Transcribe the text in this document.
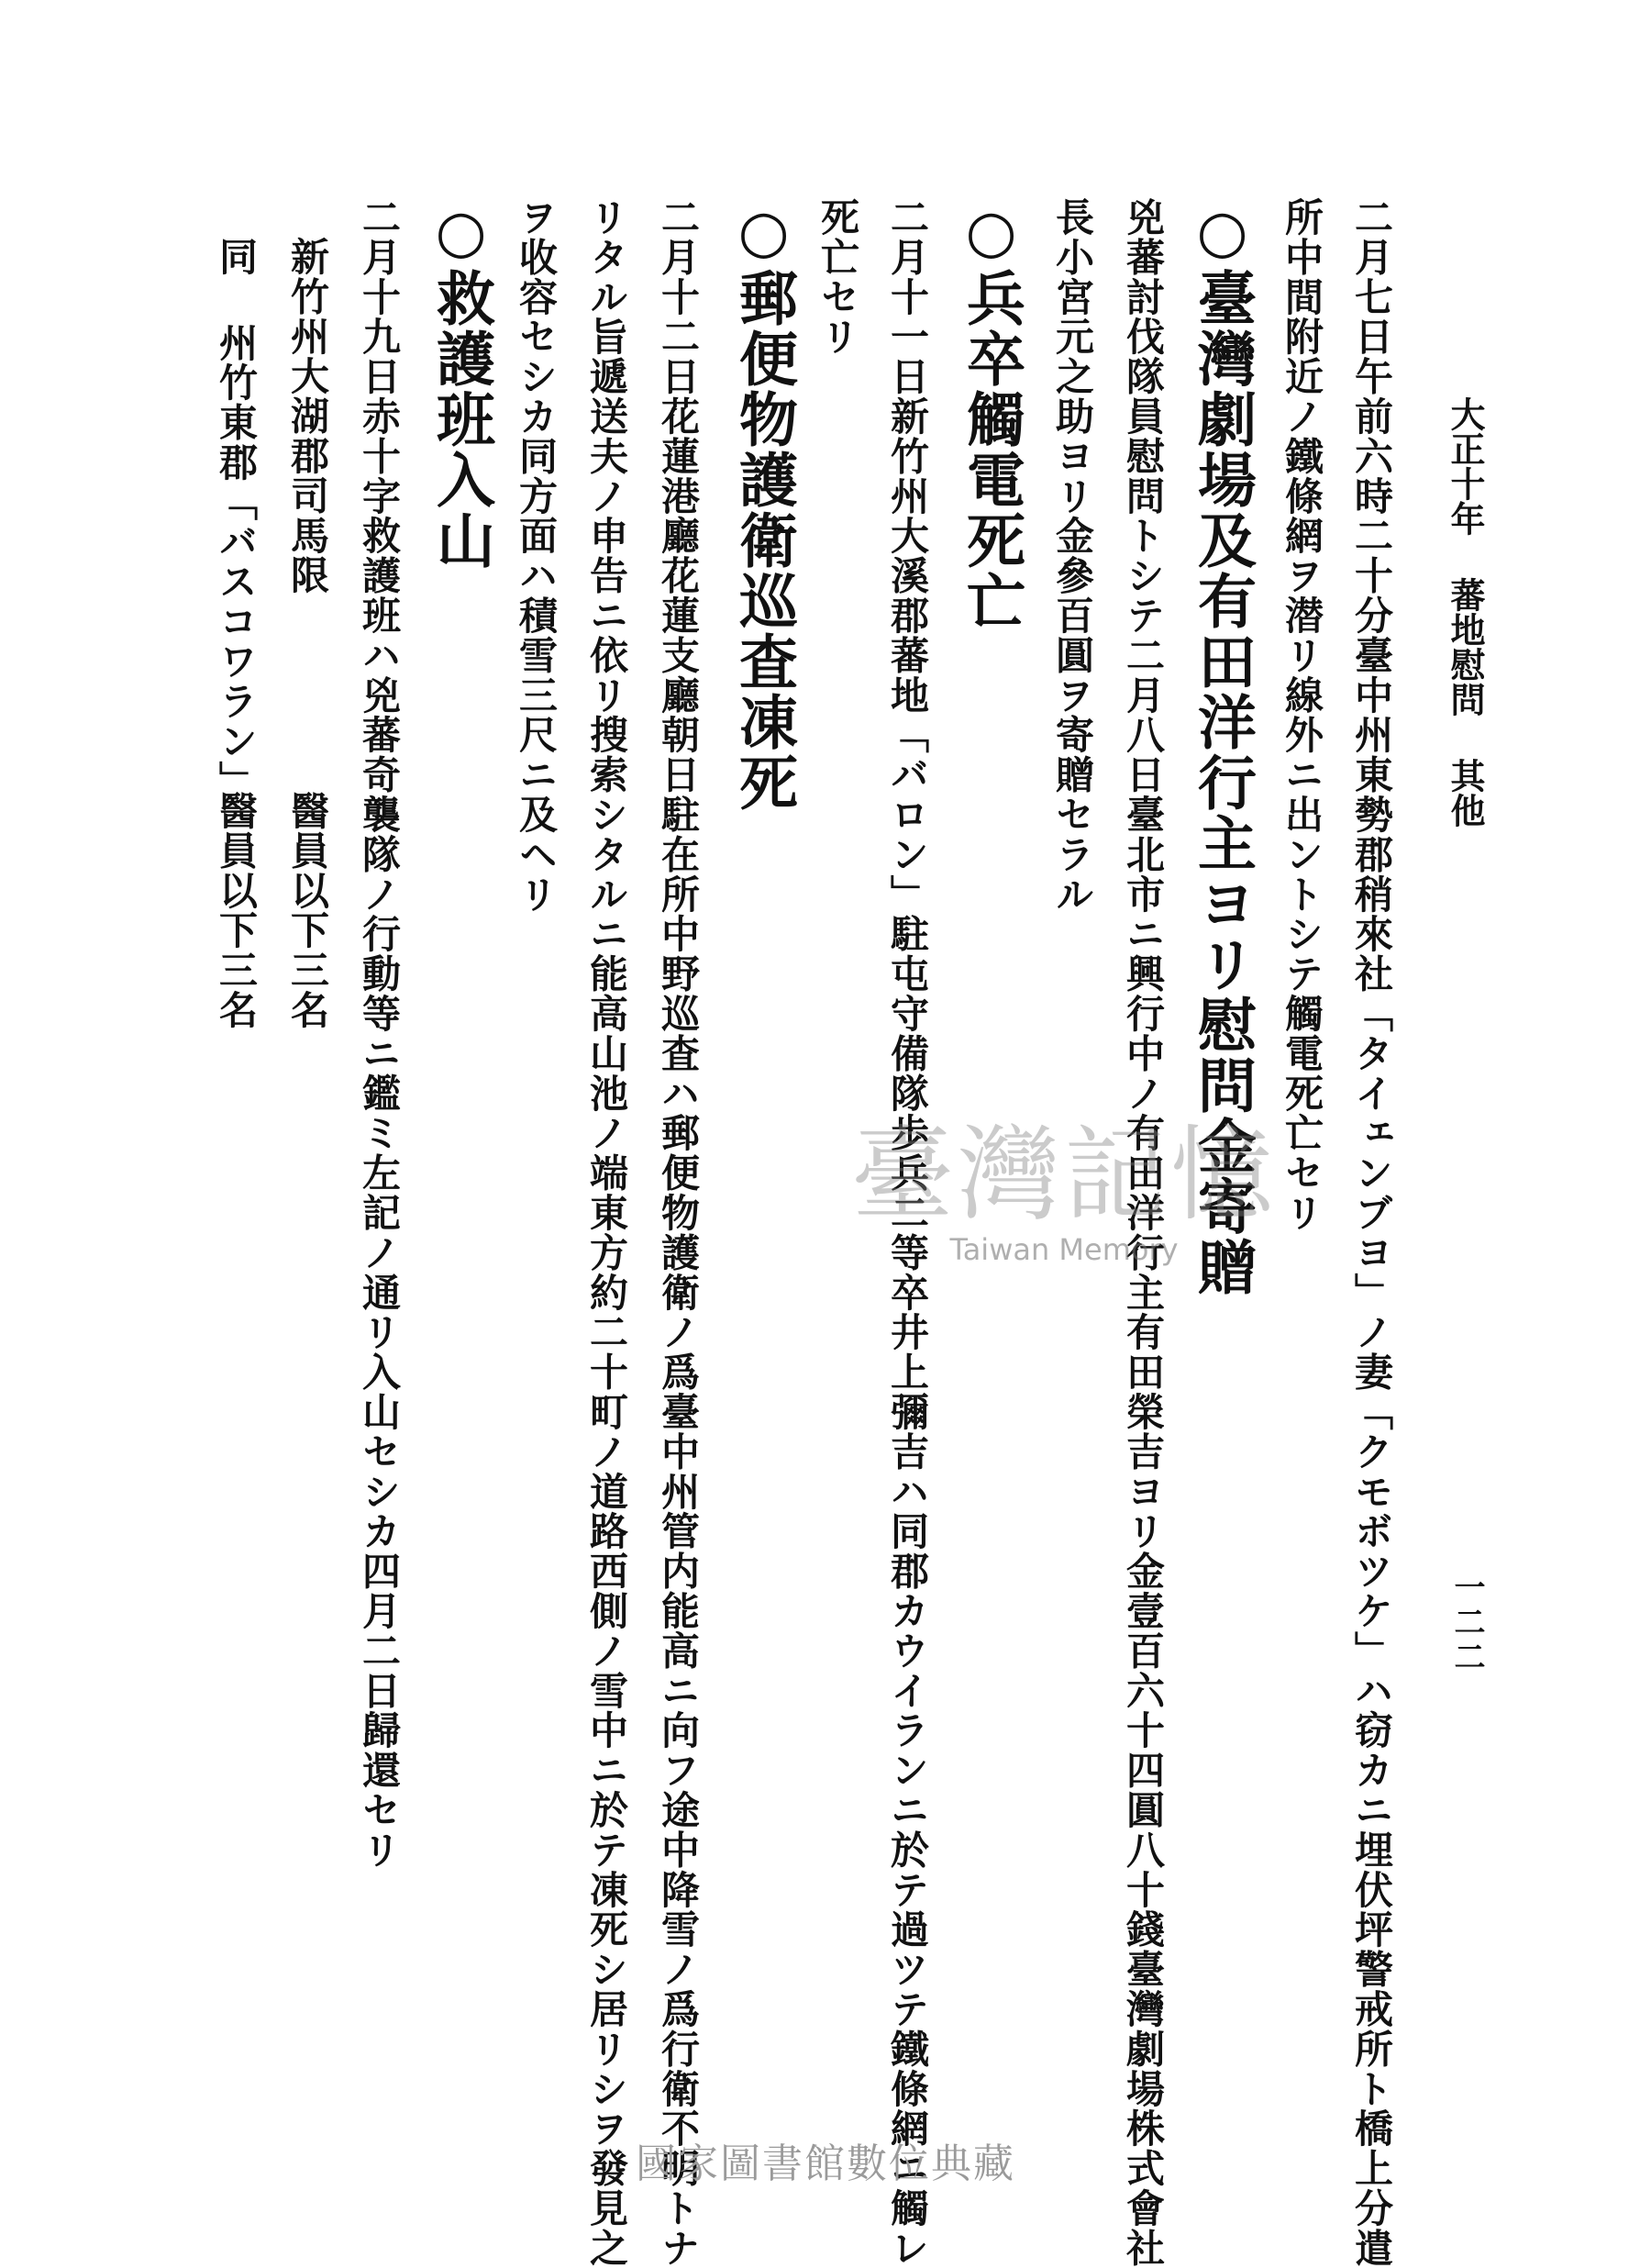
大正十年 蕃地慰問 其他

一二二

二月七日午前六時二十分臺中州東勢郡稍來社「タイェンブヨ」ノ妻「クモボツケ」ハ窃カニ埋伏坪警戒所ト橋上分遣

所中間附近ノ鐵條網ヲ潜リ線外ニ出ントシテ觸電死亡セリ

○臺灣劇場及有田洋行主ヨリ慰問金寄贈

兇蕃討伐隊員慰問トシテ二月八日臺北市ニ興行中ノ有田洋行主有田榮吉ヨリ金壹百六十四圓八十錢臺灣劇場株式會社

長小宮元之助ヨリ金參百圓ヲ寄贈セラル

○兵卒觸電死亡

二月十一日新竹州大溪郡蕃地「バロン」駐屯守備隊歩兵二等卒井上彌吉ハ同郡カウイランニ於テ過ツテ鐵條網ニ觸レ

死亡セリ

○郵便物護衛巡査凍死

二月十二日花蓮港廳花蓮支廳朝日駐在所中野巡査ハ郵便物護衛ノ爲臺中州管内能高ニ向フ途中降雪ノ爲行衛不明トナ

リタル旨遞送夫ノ申告ニ依リ搜索シタルニ能高山池ノ端東方約二十町ノ道路西側ノ雪中ニ於テ凍死シ居リシヲ發見之

ヲ收容セシカ同方面ハ積雪三尺ニ及ヘリ

○救護班入山

二月十九日赤十字救護班ハ兇蕃奇襲隊ノ行動等ニ鑑ミ左記ノ通リ入山セシカ四月二日歸還セリ

新竹州大湖郡司馬限

醫員以下三名

同 州竹東郡「バスコワラン」

醫員以下三名

臺灣記憶

Taiwan Memory

國家圖書館數位典藏
